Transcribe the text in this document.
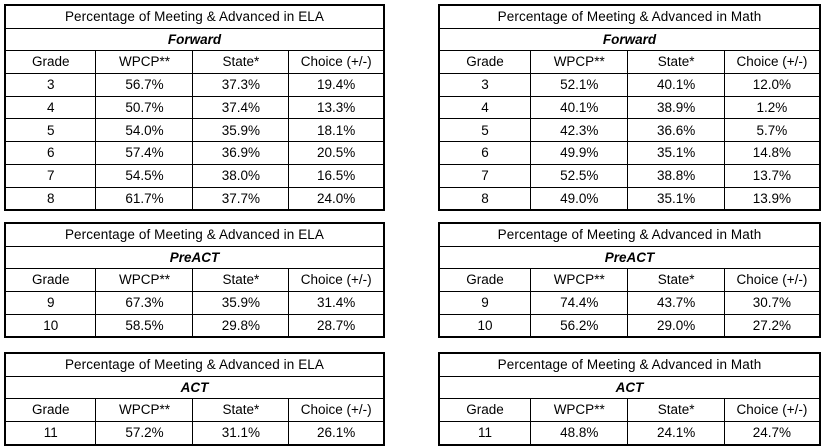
Percentage of Meeting & Advanced in ELA			
Forward			
Grade	WPCP**	State*	Choice (+/-)
3	56.7%	37.3%	19.4%
4	50.7%	37.4%	13.3%
5	54.0%	35.9%	18.1%
6	57.4%	36.9%	20.5%
7	54.5%	38.0%	16.5%
8	61.7%	37.7%	24.0%
Percentage of Meeting & Advanced in Math			
Forward			
Grade	WPCP**	State*	Choice (+/-)
3	52.1%	40.1%	12.0%
4	40.1%	38.9%	1.2%
5	42.3%	36.6%	5.7%
6	49.9%	35.1%	14.8%
7	52.5%	38.8%	13.7%
8	49.0%	35.1%	13.9%
Percentage of Meeting & Advanced in ELA			
PreACT			
Grade	WPCP**	State*	Choice (+/-)
9	67.3%	35.9%	31.4%
10	58.5%	29.8%	28.7%
Percentage of Meeting & Advanced in Math			
PreACT			
Grade	WPCP**	State*	Choice (+/-)
9	74.4%	43.7%	30.7%
10	56.2%	29.0%	27.2%
Percentage of Meeting & Advanced in ELA			
ACT			
Grade	WPCP**	State*	Choice (+/-)
11	57.2%	31.1%	26.1%
Percentage of Meeting & Advanced in Math			
ACT			
Grade	WPCP**	State*	Choice (+/-)
11	48.8%	24.1%	24.7%
